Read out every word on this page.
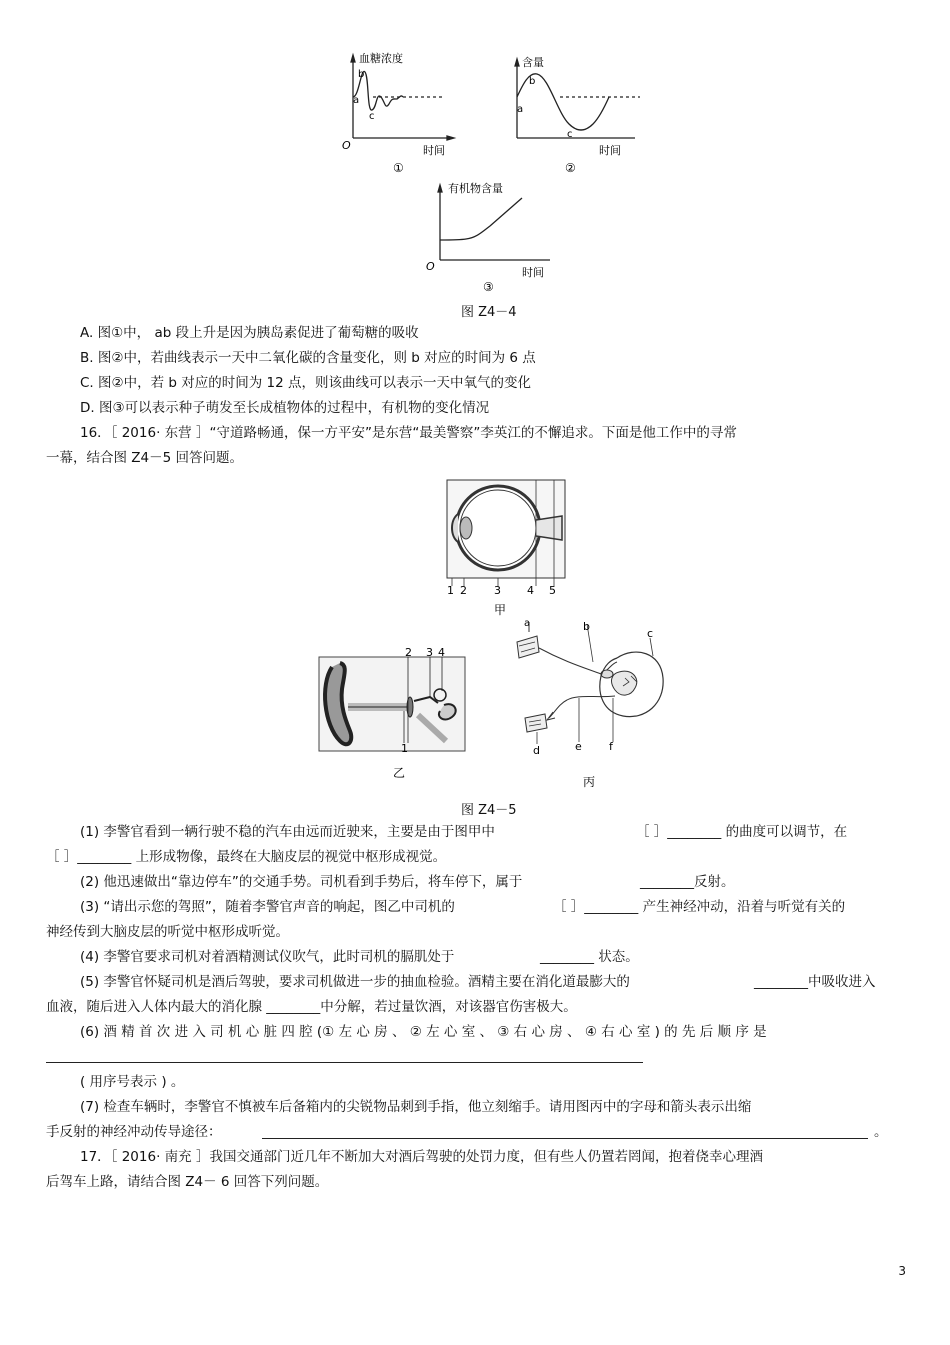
血糖浓度
时间
O
a
b
c
①
含量
时间
a
b
c
②
有机物含量
时间
O
③
图 Z4－4
A. 图①中， ab 段上升是因为胰岛素促进了葡萄糖的吸收
B. 图②中，若曲线表示一天中二氧化碳的含量变化，则 b 对应的时间为 6 点
C. 图②中，若 b 对应的时间为 12 点，则该曲线可以表示一天中氧气的变化
D. 图③可以表示种子萌发至长成植物体的过程中，有机物的变化情况
16．［ 2016· 东营 ］“守道路畅通，保一方平安”是东营“最美警察”李英江的不懈追求。下面是他工作中的寻常
一幕，结合图 Z4－5 回答问题。
1 2 3 4 5
甲
1
2 3 4
乙
a	b
c
d	e f
丙
图 Z4－5
(1) 李警官看到一辆行驶不稳的汽车由远而近驶来，主要是由于图甲中	［ ］________ 的曲度可以调节，在
［ ］________ 上形成物像，最终在大脑皮层的视觉中枢形成视觉。
(2) 他迅速做出“靠边停车”的交通手势。司机看到手势后，将车停下，属于	________反射。
(3) “请出示您的驾照”，随着李警官声音的响起，图乙中司机的	［ ］________ 产生神经冲动，沿着与听觉有关的
神经传到大脑皮层的听觉中枢形成听觉。
(4) 李警官要求司机对着酒精测试仪吹气，此时司机的膈肌处于	________ 状态。
(5) 李警官怀疑司机是酒后驾驶，要求司机做进一步的抽血检验。酒精主要在消化道最膨大的	________中吸收进入
血液，随后进入人体内最大的消化腺 ________中分解，若过量饮酒，对该器官伤害极大。
(6) 酒 精 首 次 进 入 司 机 心 脏 四 腔 (① 左 心 房 、 ② 左 心 室 、 ③ 右 心 房 、 ④ 右 心 室 ) 的 先 后 顺 序 是
( 用序号表示 ) 。
(7) 检查车辆时，李警官不慎被车后备箱内的尖锐物品刺到手指，他立刻缩手。请用图丙中的字母和箭头表示出缩
手反射的神经冲动传导途径：	。
17．［ 2016· 南充 ］我国交通部门近几年不断加大对酒后驾驶的处罚力度，但有些人仍置若罔闻，抱着侥幸心理酒
后驾车上路，请结合图 Z4－ 6 回答下列问题。
3
